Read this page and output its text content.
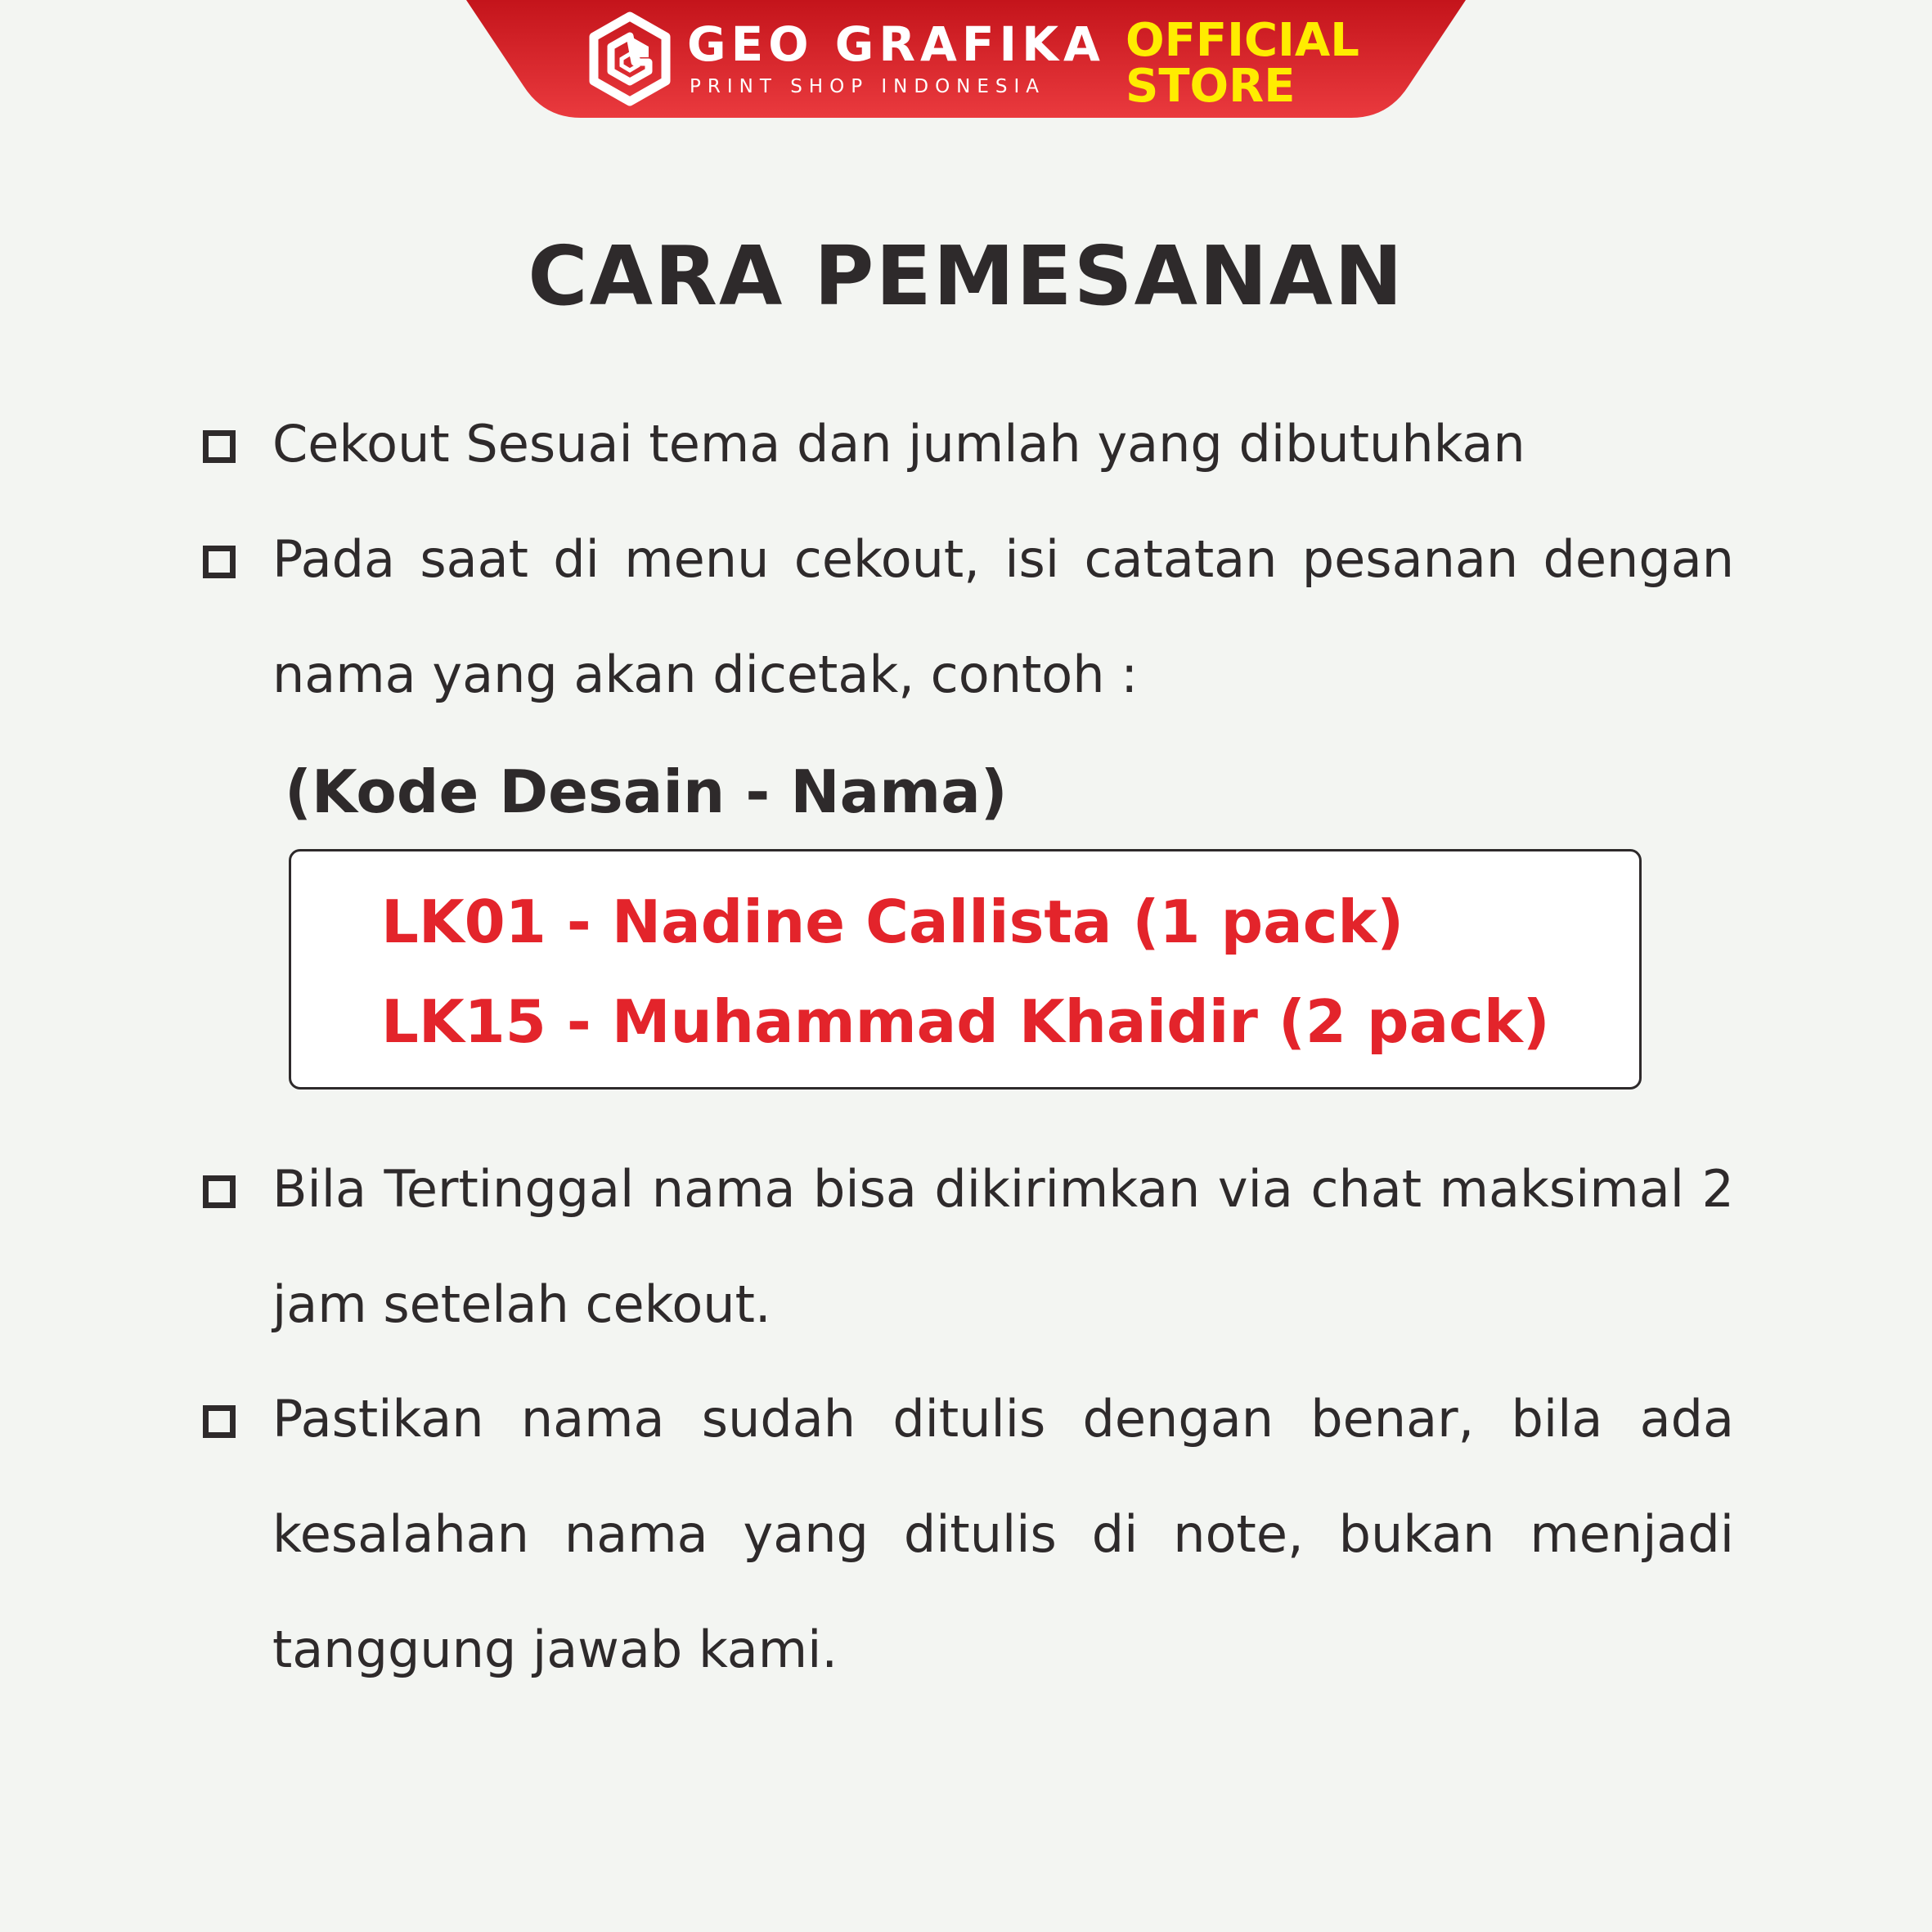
GEO GRAFIKA
PRINT SHOP INDONESIA
OFFICIAL
STORE
CARA PEMESANAN
Cekout Sesuai tema dan jumlah yang dibutuhkan
Pada saat di menu cekout, isi catatan pesanan dengan nama yang akan dicetak, contoh :
(Kode Desain - Nama)
LK01 - Nadine Callista (1 pack)
LK15 - Muhammad Khaidir (2 pack)
Bila Tertinggal nama bisa dikirimkan via chat maksimal 2 jam setelah cekout.
Pastikan nama sudah ditulis dengan benar, bila ada kesalahan nama yang ditulis di note, bukan menjadi tanggung jawab kami.
